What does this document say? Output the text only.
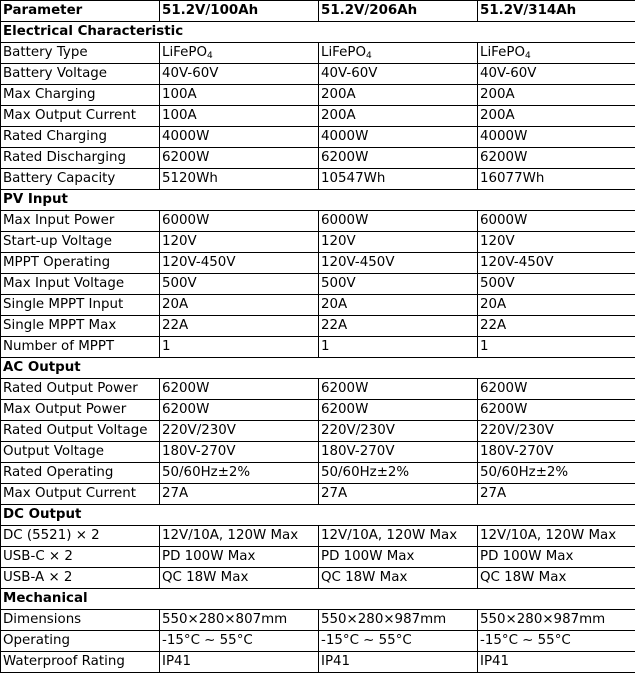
Parameter	51.2V/100Ah	51.2V/206Ah	51.2V/314Ah
Electrical Characteristic			
Battery Type	LiFePO$_4$	LiFePO$_4$	LiFePO$_4$
Battery Voltage	40V-60V	40V-60V	40V-60V
Max Charging	100A	200A	200A
Max Output Current	100A	200A	200A
Rated Charging	4000W	4000W	4000W
Rated Discharging	6200W	6200W	6200W
Battery Capacity	5120Wh	10547Wh	16077Wh
PV Input			
Max Input Power	6000W	6000W	6000W
Start-up Voltage	120V	120V	120V
MPPT Operating	120V-450V	120V-450V	120V-450V
Max Input Voltage	500V	500V	500V
Single MPPT Input	20A	20A	20A
Single MPPT Max	22A	22A	22A
Number of MPPT	1	1	1
AC Output			
Rated Output Power	6200W	6200W	6200W
Max Output Power	6200W	6200W	6200W
Rated Output Voltage	220V/230V	220V/230V	220V/230V
Output Voltage	180V-270V	180V-270V	180V-270V
Rated Operating	50/60Hz±2%	50/60Hz±2%	50/60Hz±2%
Max Output Current	27A	27A	27A
DC Output			
DC (5521) × 2	12V/10A, 120W Max	12V/10A, 120W Max	12V/10A, 120W Max
USB-C × 2	PD 100W Max	PD 100W Max	PD 100W Max
USB-A × 2	QC 18W Max	QC 18W Max	QC 18W Max
Mechanical			
Dimensions	550×280×807mm	550×280×987mm	550×280×987mm
Operating	-15°C ~ 55°C	-15°C ~ 55°C	-15°C ~ 55°C
Waterproof Rating	IP41	IP41	IP41
